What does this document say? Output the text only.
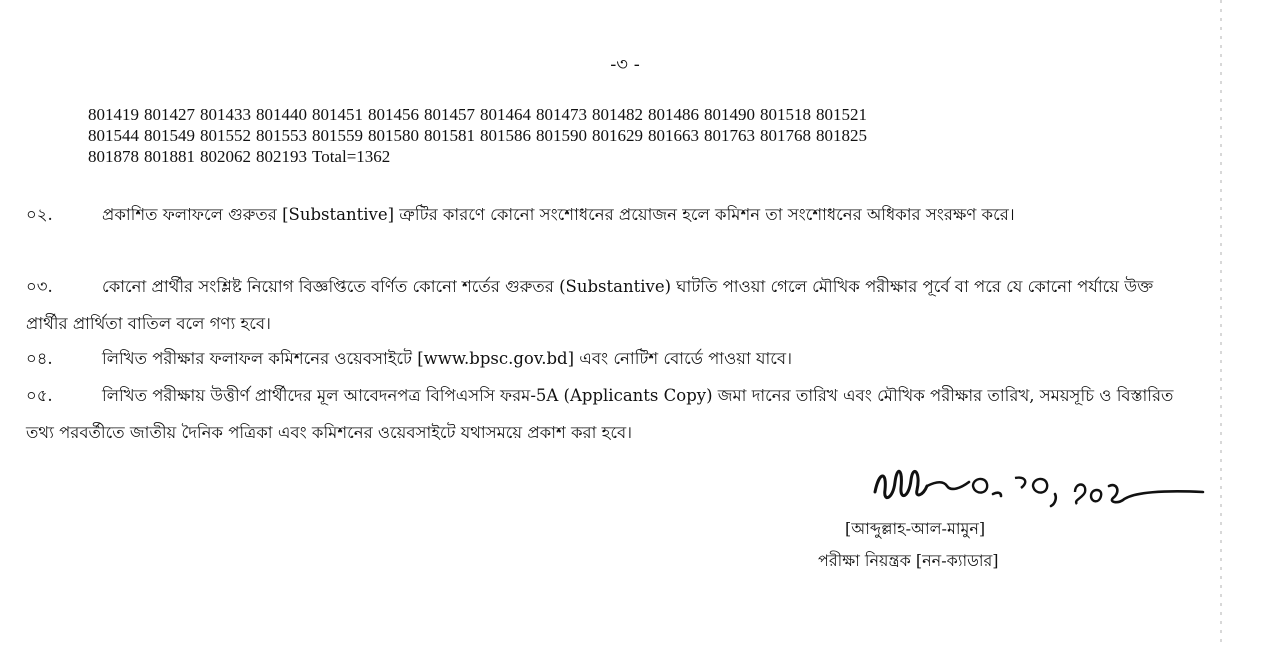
-৩ -
801419 801427 801433 801440 801451 801456 801457 801464 801473 801482 801486 801490 801518 801521
801544 801549 801552 801553 801559 801580 801581 801586 801590 801629 801663 801763 801768 801825
801878 801881 802062 802193 Total=1362
০২.	প্রকাশিত ফলাফলে গুরুতর [Substantive] ত্রুটির কারণে কোনো সংশোধনের প্রয়োজন হলে কমিশন তা সংশোধনের অধিকার সংরক্ষণ করে।
০৩.	কোনো প্রার্থীর সংশ্লিষ্ট নিয়োগ বিজ্ঞপ্তিতে বর্ণিত কোনো শর্তের গুরুতর (Substantive) ঘাটতি পাওয়া গেলে মৌখিক পরীক্ষার পূর্বে বা পরে যে কোনো পর্যায়ে উক্ত প্রার্থীর প্রার্থিতা বাতিল বলে গণ্য হবে।
০৪.	লিখিত পরীক্ষার ফলাফল কমিশনের ওয়েবসাইটে [www.bpsc.gov.bd] এবং নোটিশ বোর্ডে পাওয়া যাবে।
০৫.	লিখিত পরীক্ষায় উত্তীর্ণ প্রার্থীদের মূল আবেদনপত্র বিপিএসসি ফরম-5A (Applicants Copy) জমা দানের তারিখ এবং মৌখিক পরীক্ষার তারিখ, সময়সূচি ও বিস্তারিত তথ্য পরবর্তীতে জাতীয় দৈনিক পত্রিকা এবং কমিশনের ওয়েবসাইটে যথাসময়ে প্রকাশ করা হবে।
[আব্দুল্লাহ-আল-মামুন]
পরীক্ষা নিয়ন্ত্রক [নন-ক্যাডার]
